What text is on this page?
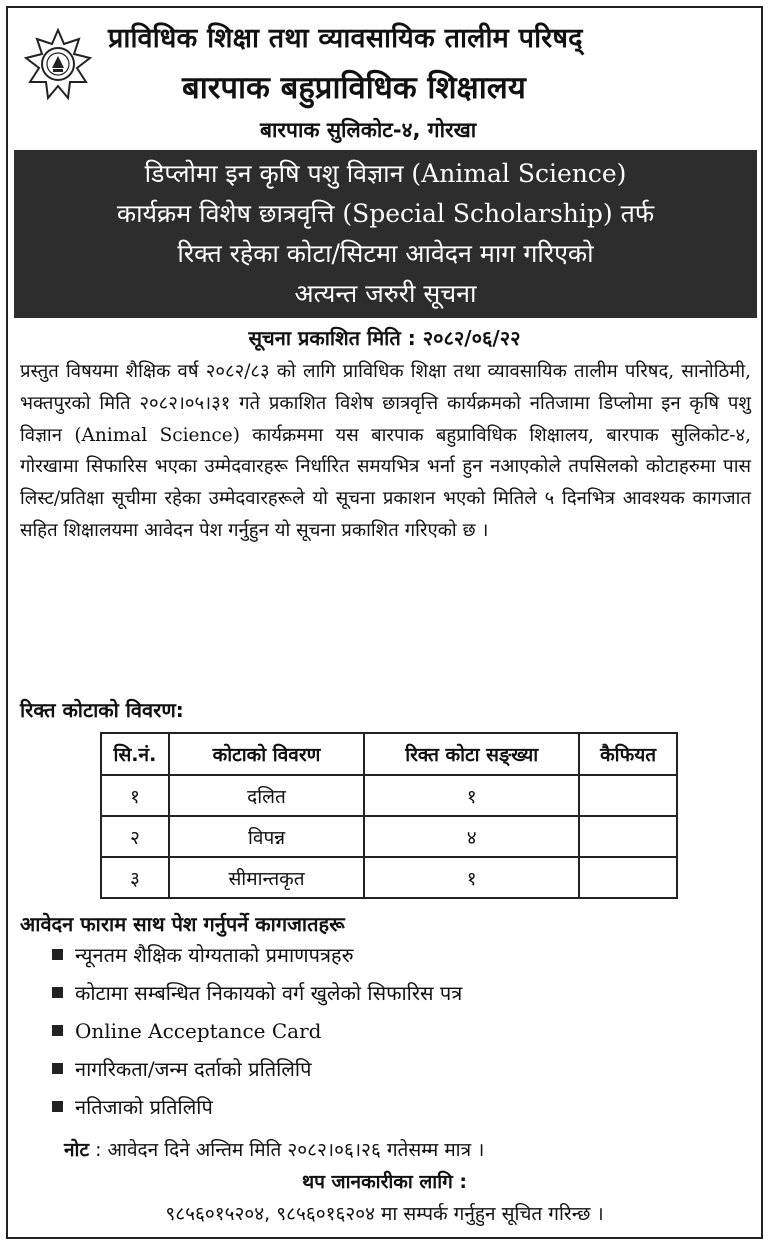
प्राविधिक शिक्षा तथा व्यावसायिक तालीम परिषद्
बारपाक बहुप्राविधिक शिक्षालय
बारपाक सुलिकोट-४, गोरखा
डिप्लोमा इन कृषि पशु विज्ञान (Animal Science)
कार्यक्रम विशेष छात्रवृत्ति (Special Scholarship) तर्फ
रिक्त रहेका कोटा/सिटमा आवेदन माग गरिएको
अत्यन्त जरुरी सूचना
सूचना प्रकाशित मिति : २०८२/०६/२२

प्रस्तुत विषयमा शैक्षिक वर्ष २०८२/८३ को लागि प्राविधिक शिक्षा तथा व्यावसायिक तालीम परिषद, सानोठिमी, भक्तपुरको मिति २०८२।०५।३१ गते प्रकाशित विशेष छात्रवृत्ति कार्यक्रमको नतिजामा डिप्लोमा इन कृषि पशु विज्ञान (Animal Science) कार्यक्रममा यस बारपाक बहुप्राविधिक शिक्षालय, बारपाक सुलिकोट-४, गोरखामा सिफारिस भएका उम्मेदवारहरू निर्धारित समयभित्र भर्ना हुन नआएकोले तपसिलको कोटाहरुमा पास लिस्ट/प्रतिक्षा सूचीमा रहेका उम्मेदवारहरूले यो सूचना प्रकाशन भएको मितिले ५ दिनभित्र आवश्यक कागजात सहित शिक्षालयमा आवेदन पेश गर्नुहुन यो सूचना प्रकाशित गरिएको छ ।

रिक्त कोटाको विवरण:
सि.नं.	कोटाको विवरण	रिक्त कोटा सङ्ख्या	कैफियत
१	दलित	१	
२	विपन्न	४	
३	सीमान्तकृत	१	
आवेदन फाराम साथ पेश गर्नुपर्ने कागजातहरू
न्यूनतम शैक्षिक योग्यताको प्रमाणपत्रहरु
कोटामा सम्बन्धित निकायको वर्ग खुलेको सिफारिस पत्र
Online Acceptance Card
नागरिकता/जन्म दर्ताको प्रतिलिपि
नतिजाको प्रतिलिपि
नोट : आवेदन दिने अन्तिम मिति २०८२।०६।२६ गतेसम्म मात्र ।
थप जानकारीका लागि :
९८५६०१५२०४, ९८५६०१६२०४ मा सम्पर्क गर्नुहुन सूचित गरिन्छ ।
